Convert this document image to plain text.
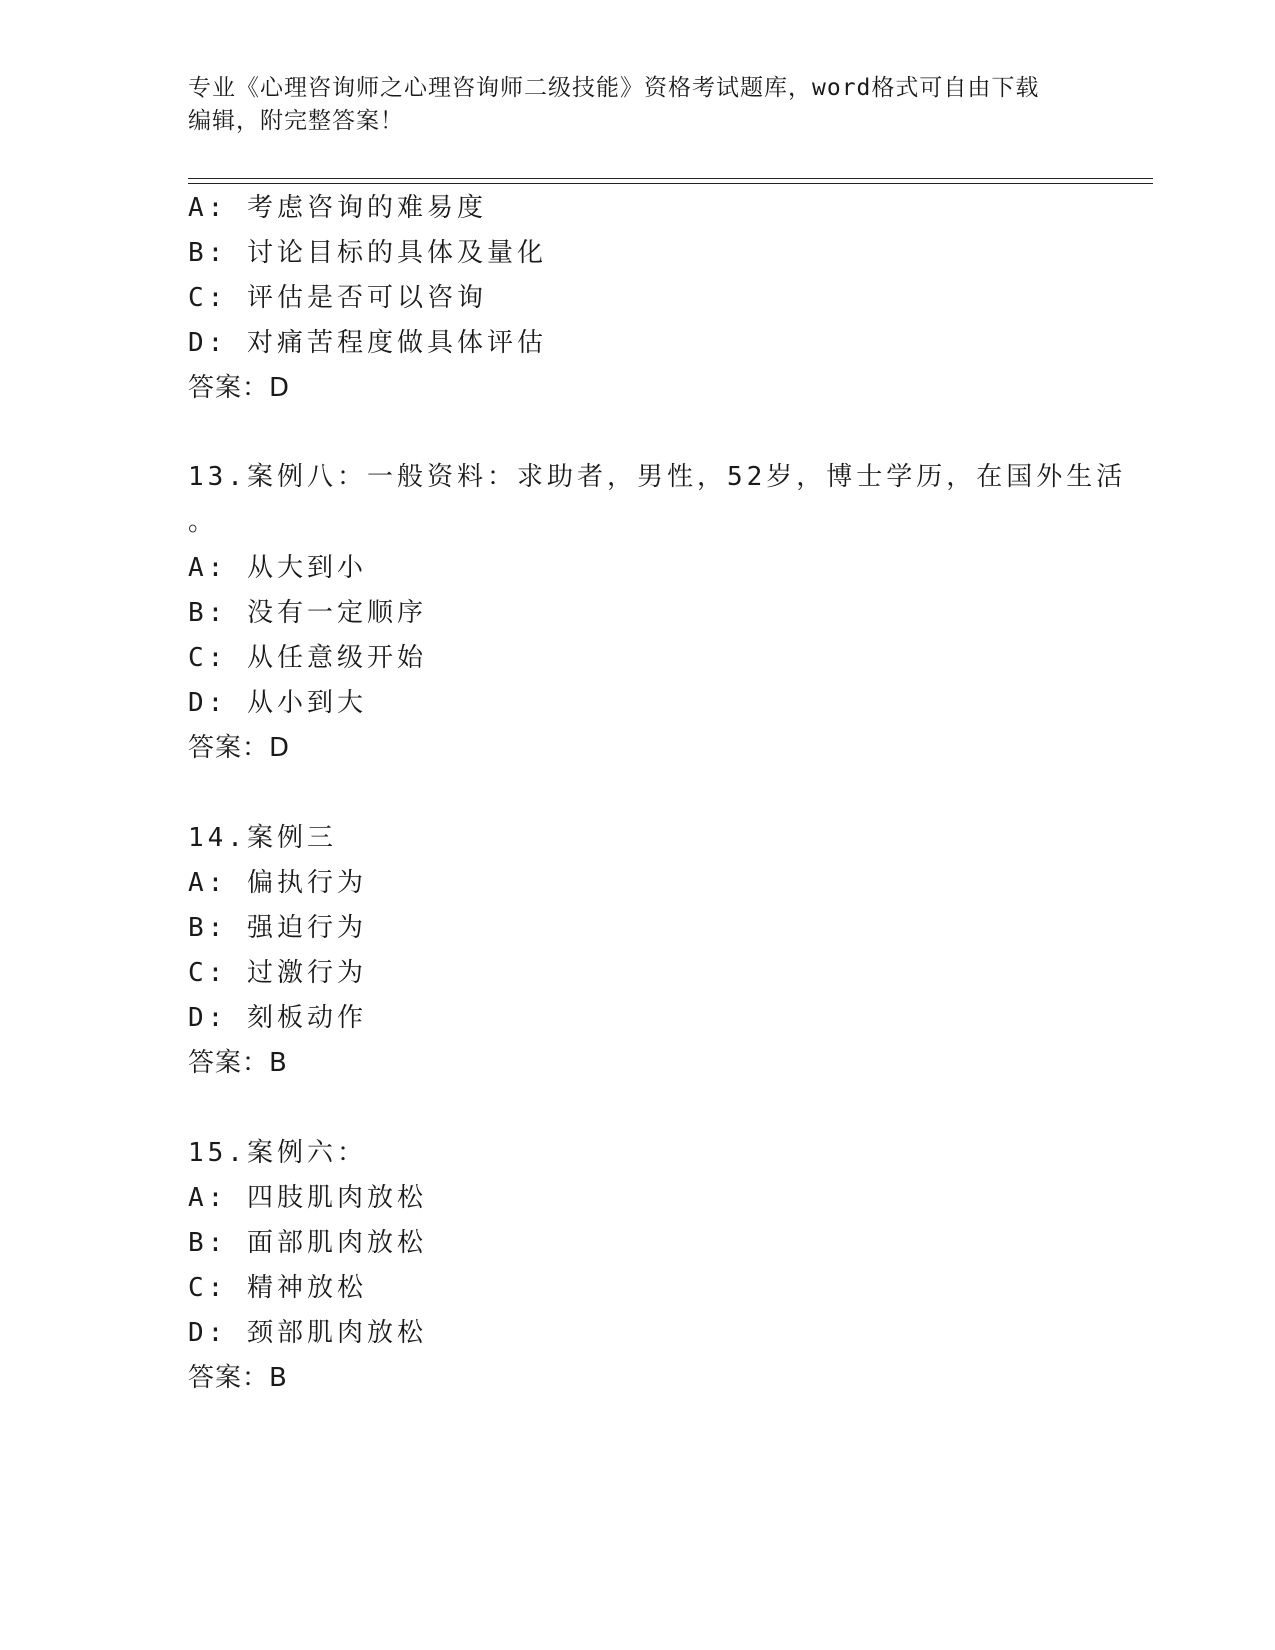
专业《心理咨询师之心理咨询师二级技能》资格考试题库，word格式可自由下载
编辑，附完整答案！
A: 考虑咨询的难易度
B: 讨论目标的具体及量化
C: 评估是否可以咨询
D: 对痛苦程度做具体评估
答案：D
13.案例八：一般资料：求助者，男性，52岁，博士学历，在国外生活
。
A: 从大到小
B: 没有一定顺序
C: 从任意级开始
D: 从小到大
答案：D
14.案例三
A: 偏执行为
B: 强迫行为
C: 过激行为
D: 刻板动作
答案：B
15.案例六：
A: 四肢肌肉放松
B: 面部肌肉放松
C: 精神放松
D: 颈部肌肉放松
答案：B
